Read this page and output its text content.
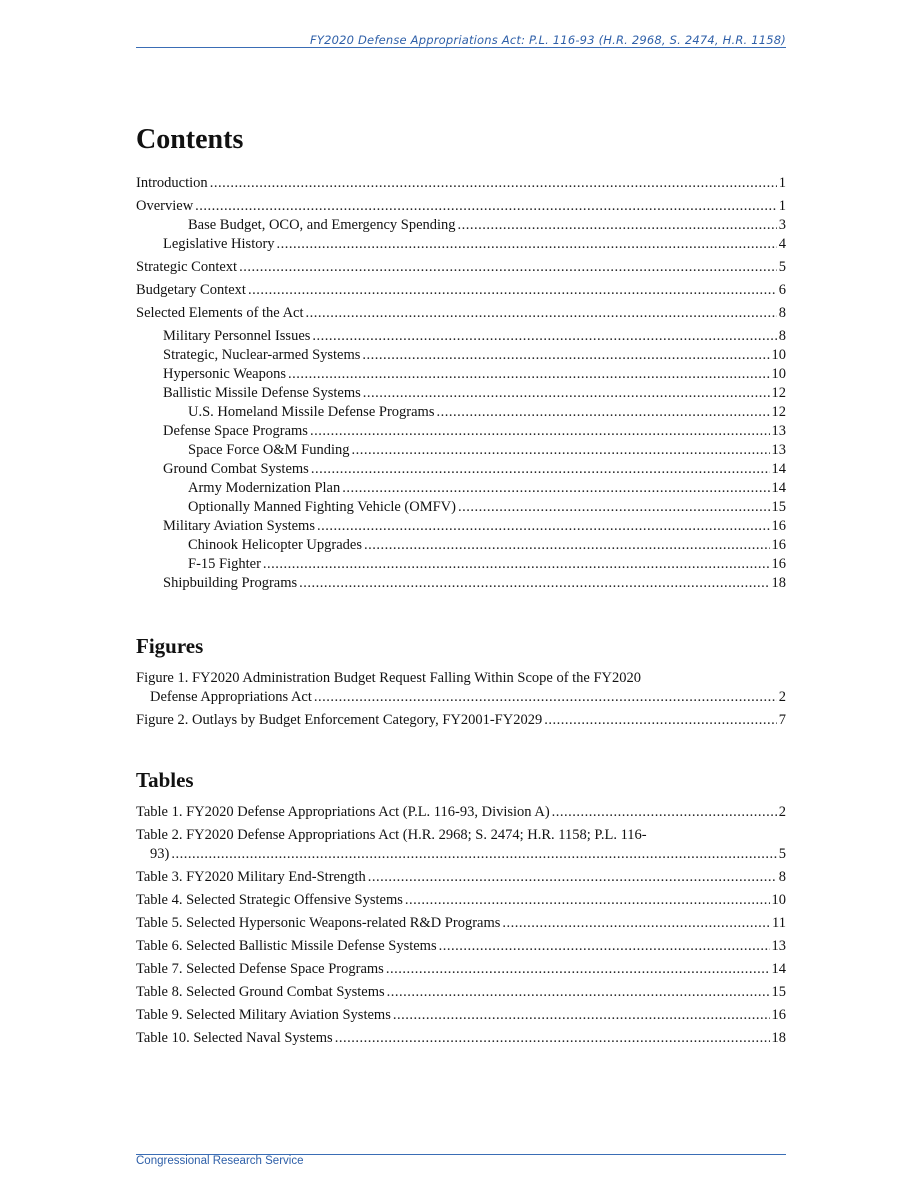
FY2020 Defense Appropriations Act: P.L. 116-93 (H.R. 2968, S. 2474, H.R. 1158)
Contents
Introduction .....	1
Overview .....	1
Base Budget, OCO, and Emergency Spending .....	3
Legislative History .....	4
Strategic Context .....	5
Budgetary Context .....	6
Selected Elements of the Act .....	8
Military Personnel Issues .....	8
Strategic, Nuclear-armed Systems .....	10
Hypersonic Weapons .....	10
Ballistic Missile Defense Systems .....	12
U.S. Homeland Missile Defense Programs .....	12
Defense Space Programs .....	13
Space Force O&M Funding .....	13
Ground Combat Systems .....	14
Army Modernization Plan .....	14
Optionally Manned Fighting Vehicle (OMFV) .....	15
Military Aviation Systems .....	16
Chinook Helicopter Upgrades .....	16
F-15 Fighter .....	16
Shipbuilding Programs .....	18
Figures
Figure 1. FY2020 Administration Budget Request Falling Within Scope of the FY2020
Defense Appropriations Act .....	2
Figure 2. Outlays by Budget Enforcement Category, FY2001-FY2029 .....	7
Tables
Table 1. FY2020 Defense Appropriations Act (P.L. 116-93, Division A) .....	2
Table 2. FY2020 Defense Appropriations Act (H.R. 2968; S. 2474; H.R. 1158; P.L. 116-
93) .....	5
Table 3. FY2020 Military End-Strength .....	8
Table 4. Selected Strategic Offensive Systems .....	10
Table 5. Selected Hypersonic Weapons-related R&D Programs .....	11
Table 6. Selected Ballistic Missile Defense Systems .....	13
Table 7. Selected Defense Space Programs .....	14
Table 8. Selected Ground Combat Systems .....	15
Table 9. Selected Military Aviation Systems .....	16
Table 10. Selected Naval Systems .....	18
Congressional Research Service
